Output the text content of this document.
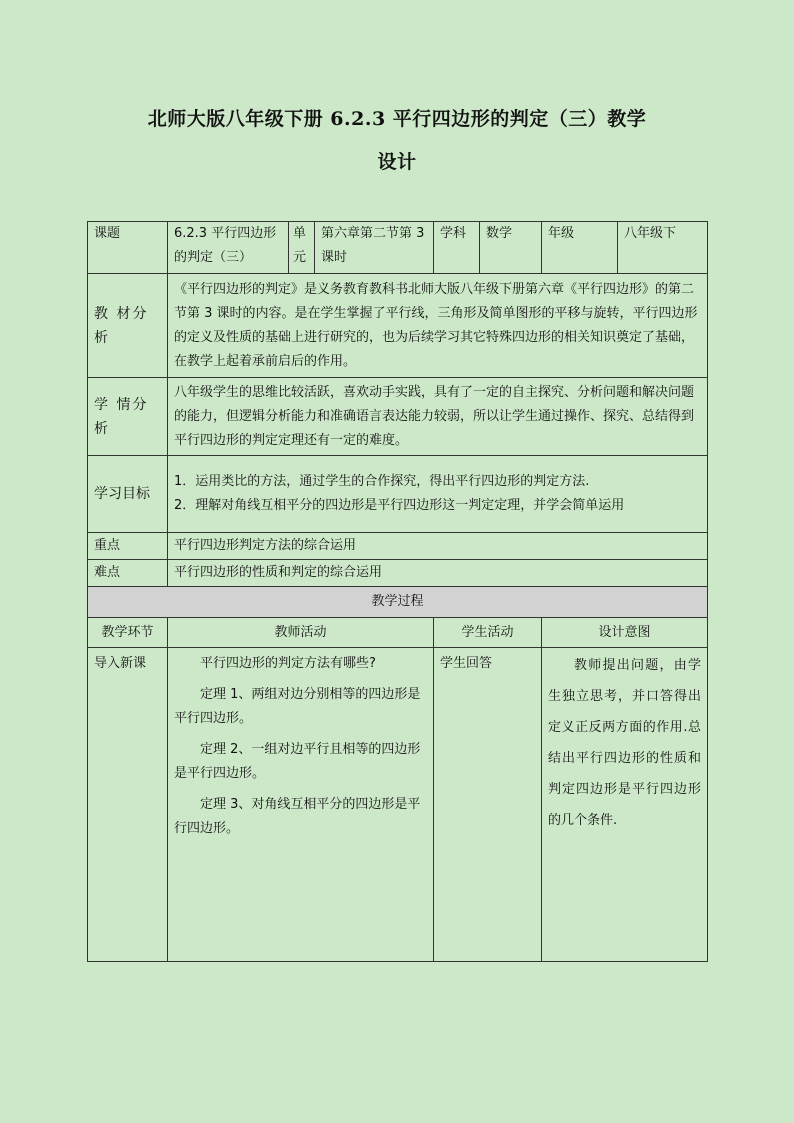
北师大版八年级下册 6.2.3 平行四边形的判定（三）教学
设计
课题	6.2.3 平行四边形的判定（三）	单元	第六章第二节第 3 课时	学科	数学	年级	八年级下
教 材分析	《平行四边形的判定》是义务教育教科书北师大版八年级下册第六章《平行四边形》的第二节第 3 课时的内容。是在学生掌握了平行线，三角形及简单图形的平移与旋转，平行四边形的定义及性质的基础上进行研究的，也为后续学习其它特殊四边形的相关知识奠定了基础，在教学上起着承前启后的作用。						
学 情分析	八年级学生的思维比较活跃，喜欢动手实践，具有了一定的自主探究、分析问题和解决问题的能力，但逻辑分析能力和准确语言表达能力较弱，所以让学生通过操作、探究、总结得到平行四边形的判定定理还有一定的难度。						
学习目标	1．运用类比的方法，通过学生的合作探究，得出平行四边形的判定方法.

2．理解对角线互相平分的四边形是平行四边形这一判定定理，并学会简单运用						

重点	平行四边形判定方法的综合运用						
难点	平行四边形的性质和判定的综合运用						
教学过程							
教学环节	教师活动			学生活动		设计意图	
导入新课	平行四边形的判定方法有哪些?

定理 1、两组对边分别相等的四边形是平行四边形。

定理 2、一组对边平行且相等的四边形是平行四边形。

定理 3、对角线互相平分的四边形是平行四边形。			学生回答		教师提出问题，由学生独立思考，并口答得出定义正反两方面的作用.总结出平行四边形的性质和判定四边形是平行四边形的几个条件.	
